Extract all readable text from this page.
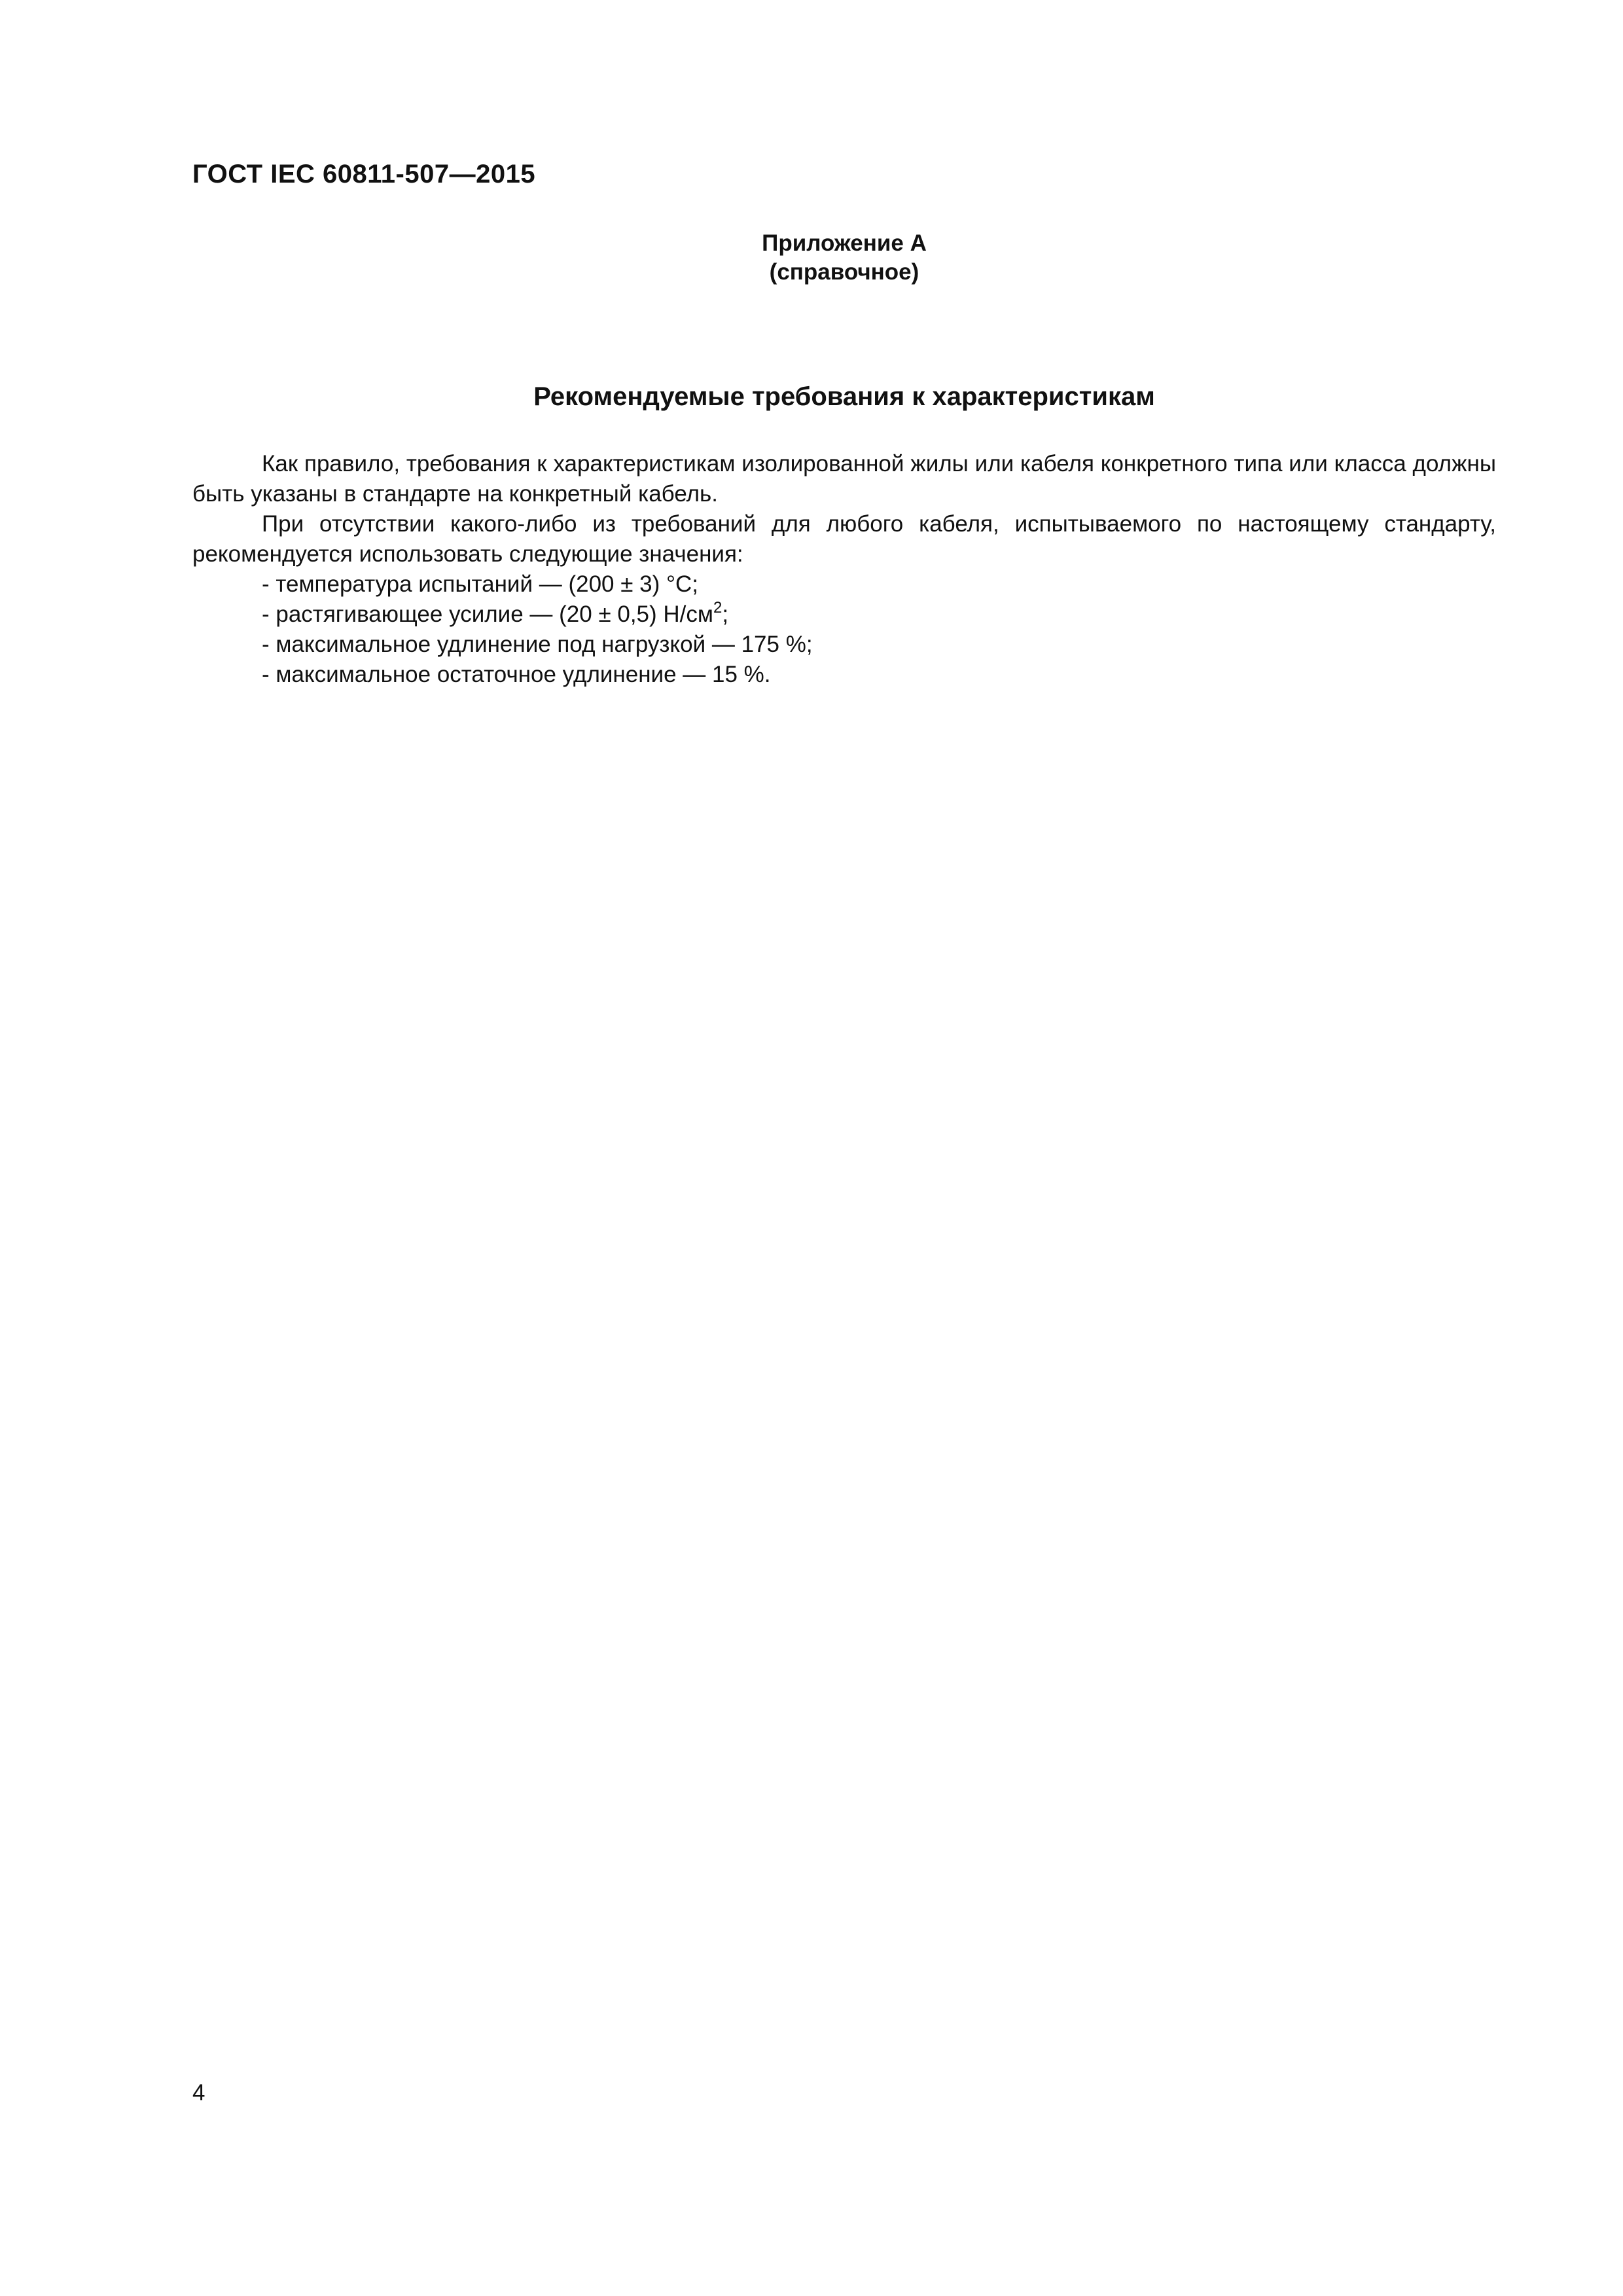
ГОСТ IEC 60811-507—2015
Приложение А
(справочное)
Рекомендуемые требования к характеристикам

Как правило, требования к характеристикам изолированной жилы или кабеля конкретного типа или класса должны быть указаны в стандарте на конкретный кабель.

При отсутствии какого-либо из требований для любого кабеля, испытываемого по настоящему стандарту, рекомендуется использовать следующие значения:

- температура испытаний — (200 ± 3) °С;
- растягивающее усилие — (20 ± 0,5) $Н/см^2$;
- максимальное удлинение под нагрузкой — 175 %;
- максимальное остаточное удлинение — 15 %.
4
